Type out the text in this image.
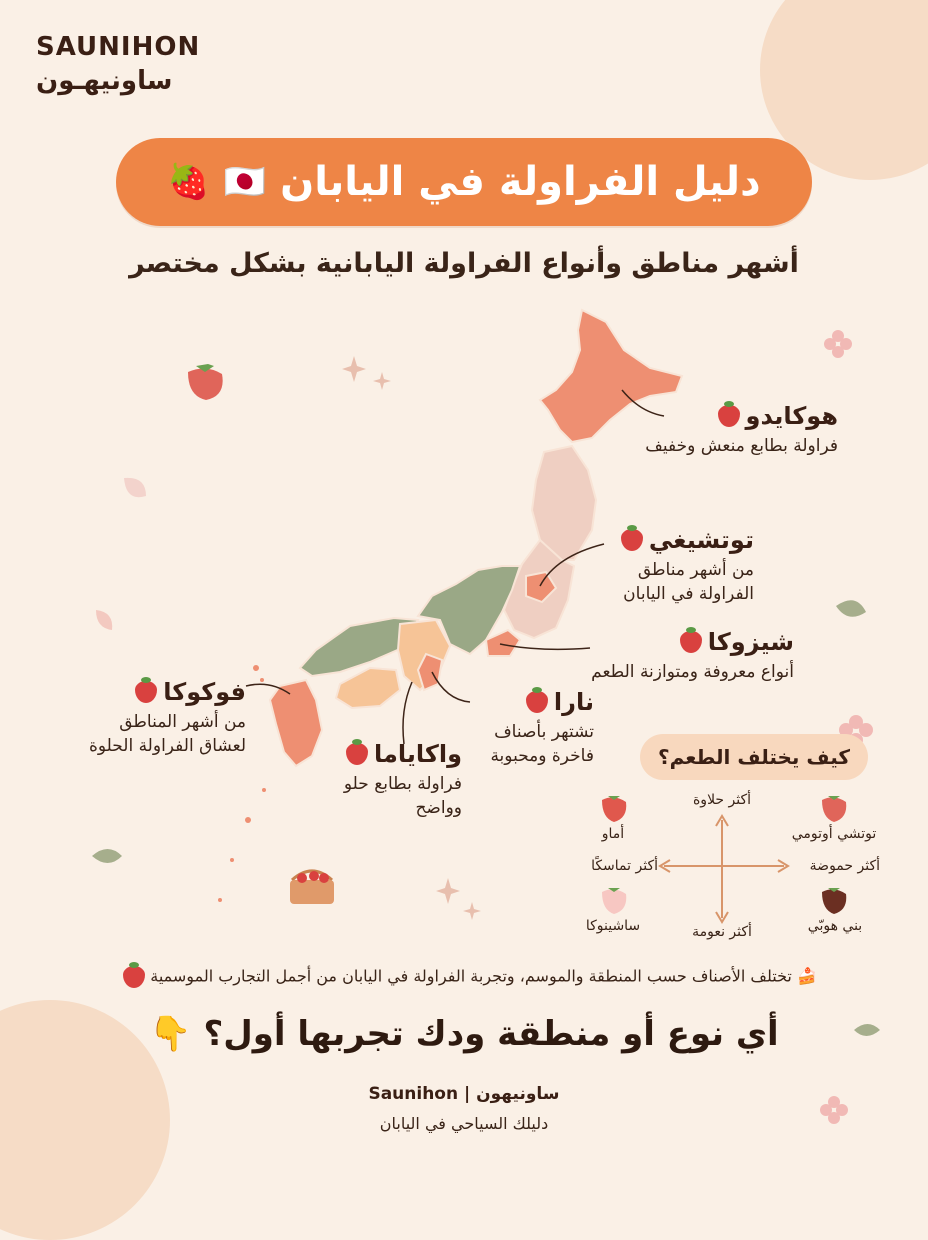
SAUNIHON
ساونيهـون
دليل الفراولة في اليابان
🇯🇵
🍓
أشهر مناطق وأنواع الفراولة اليابانية بشكل مختصر
هوكايدو
فراولة بطابع منعش وخفيف
توتشيغي
من أشهر مناطق
الفراولة في اليابان
شيزوكا
أنواع معروفة ومتوازنة الطعم
نارا
تشتهر بأصناف
فاخرة ومحبوبة
واكاياما
فراولة بطابع حلو
وواضح
فوكوكا
من أشهر المناطق
لعشاق الفراولة الحلوة	كيف يختلف الطعم؟
أكثر حلاوة
أكثر نعومة
أكثر حموضة
أكثر تماسكًا
أماو	توتشي أوتومي
ساشينوكا	بني هوبّي
🍰 تختلف الأصناف حسب المنطقة والموسم، وتجربة الفراولة في اليابان من أجمل التجارب الموسمية
أي نوع أو منطقة ودك تجربها أول؟ 👇
Saunihon | ساونيهون
دليلك السياحي في اليابان
